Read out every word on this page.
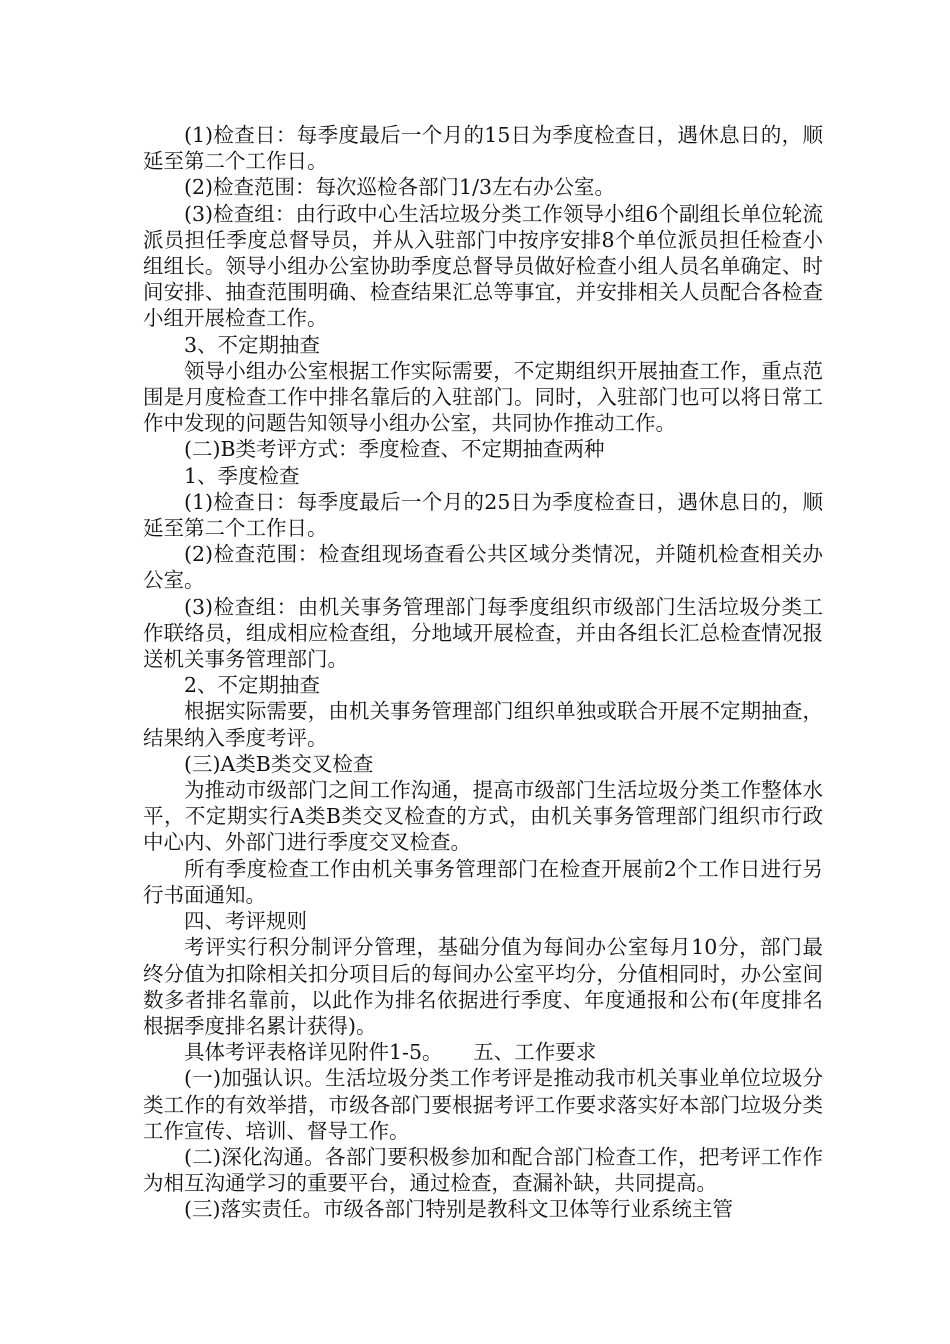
(1)检查日：每季度最后一个月的15日为季度检查日，遇休息日的，顺延至第二个工作日。

(2)检查范围：每次巡检各部门1/3左右办公室。

(3)检查组：由行政中心生活垃圾分类工作领导小组6个副组长单位轮流派员担任季度总督导员，并从入驻部门中按序安排8个单位派员担任检查小组组长。领导小组办公室协助季度总督导员做好检查小组人员名单确定、时间安排、抽查范围明确、检查结果汇总等事宜，并安排相关人员配合各检查小组开展检查工作。

3、不定期抽查

领导小组办公室根据工作实际需要，不定期组织开展抽查工作，重点范围是月度检查工作中排名靠后的入驻部门。同时，入驻部门也可以将日常工作中发现的问题告知领导小组办公室，共同协作推动工作。

(二)B类考评方式：季度检查、不定期抽查两种

1、季度检查

(1)检查日：每季度最后一个月的25日为季度检查日，遇休息日的，顺延至第二个工作日。

(2)检查范围：检查组现场查看公共区域分类情况，并随机检查相关办公室。

(3)检查组：由机关事务管理部门每季度组织市级部门生活垃圾分类工作联络员，组成相应检查组，分地域开展检查，并由各组长汇总检查情况报送机关事务管理部门。

2、不定期抽查

根据实际需要，由机关事务管理部门组织单独或联合开展不定期抽查，结果纳入季度考评。

(三)A类B类交叉检查

为推动市级部门之间工作沟通，提高市级部门生活垃圾分类工作整体水平，不定期实行A类B类交叉检查的方式，由机关事务管理部门组织市行政中心内、外部门进行季度交叉检查。

所有季度检查工作由机关事务管理部门在检查开展前2个工作日进行另行书面通知。

四、考评规则

考评实行积分制评分管理，基础分值为每间办公室每月10分，部门最终分值为扣除相关扣分项目后的每间办公室平均分，分值相同时，办公室间数多者排名靠前，以此作为排名依据进行季度、年度通报和公布(年度排名根据季度排名累计获得)。

具体考评表格详见附件1-5。　　五、工作要求

(一)加强认识。生活垃圾分类工作考评是推动我市机关事业单位垃圾分类工作的有效举措，市级各部门要根据考评工作要求落实好本部门垃圾分类工作宣传、培训、督导工作。

(二)深化沟通。各部门要积极参加和配合部门检查工作，把考评工作作为相互沟通学习的重要平台，通过检查，查漏补缺，共同提高。

(三)落实责任。市级各部门特别是教科文卫体等行业系统主管
